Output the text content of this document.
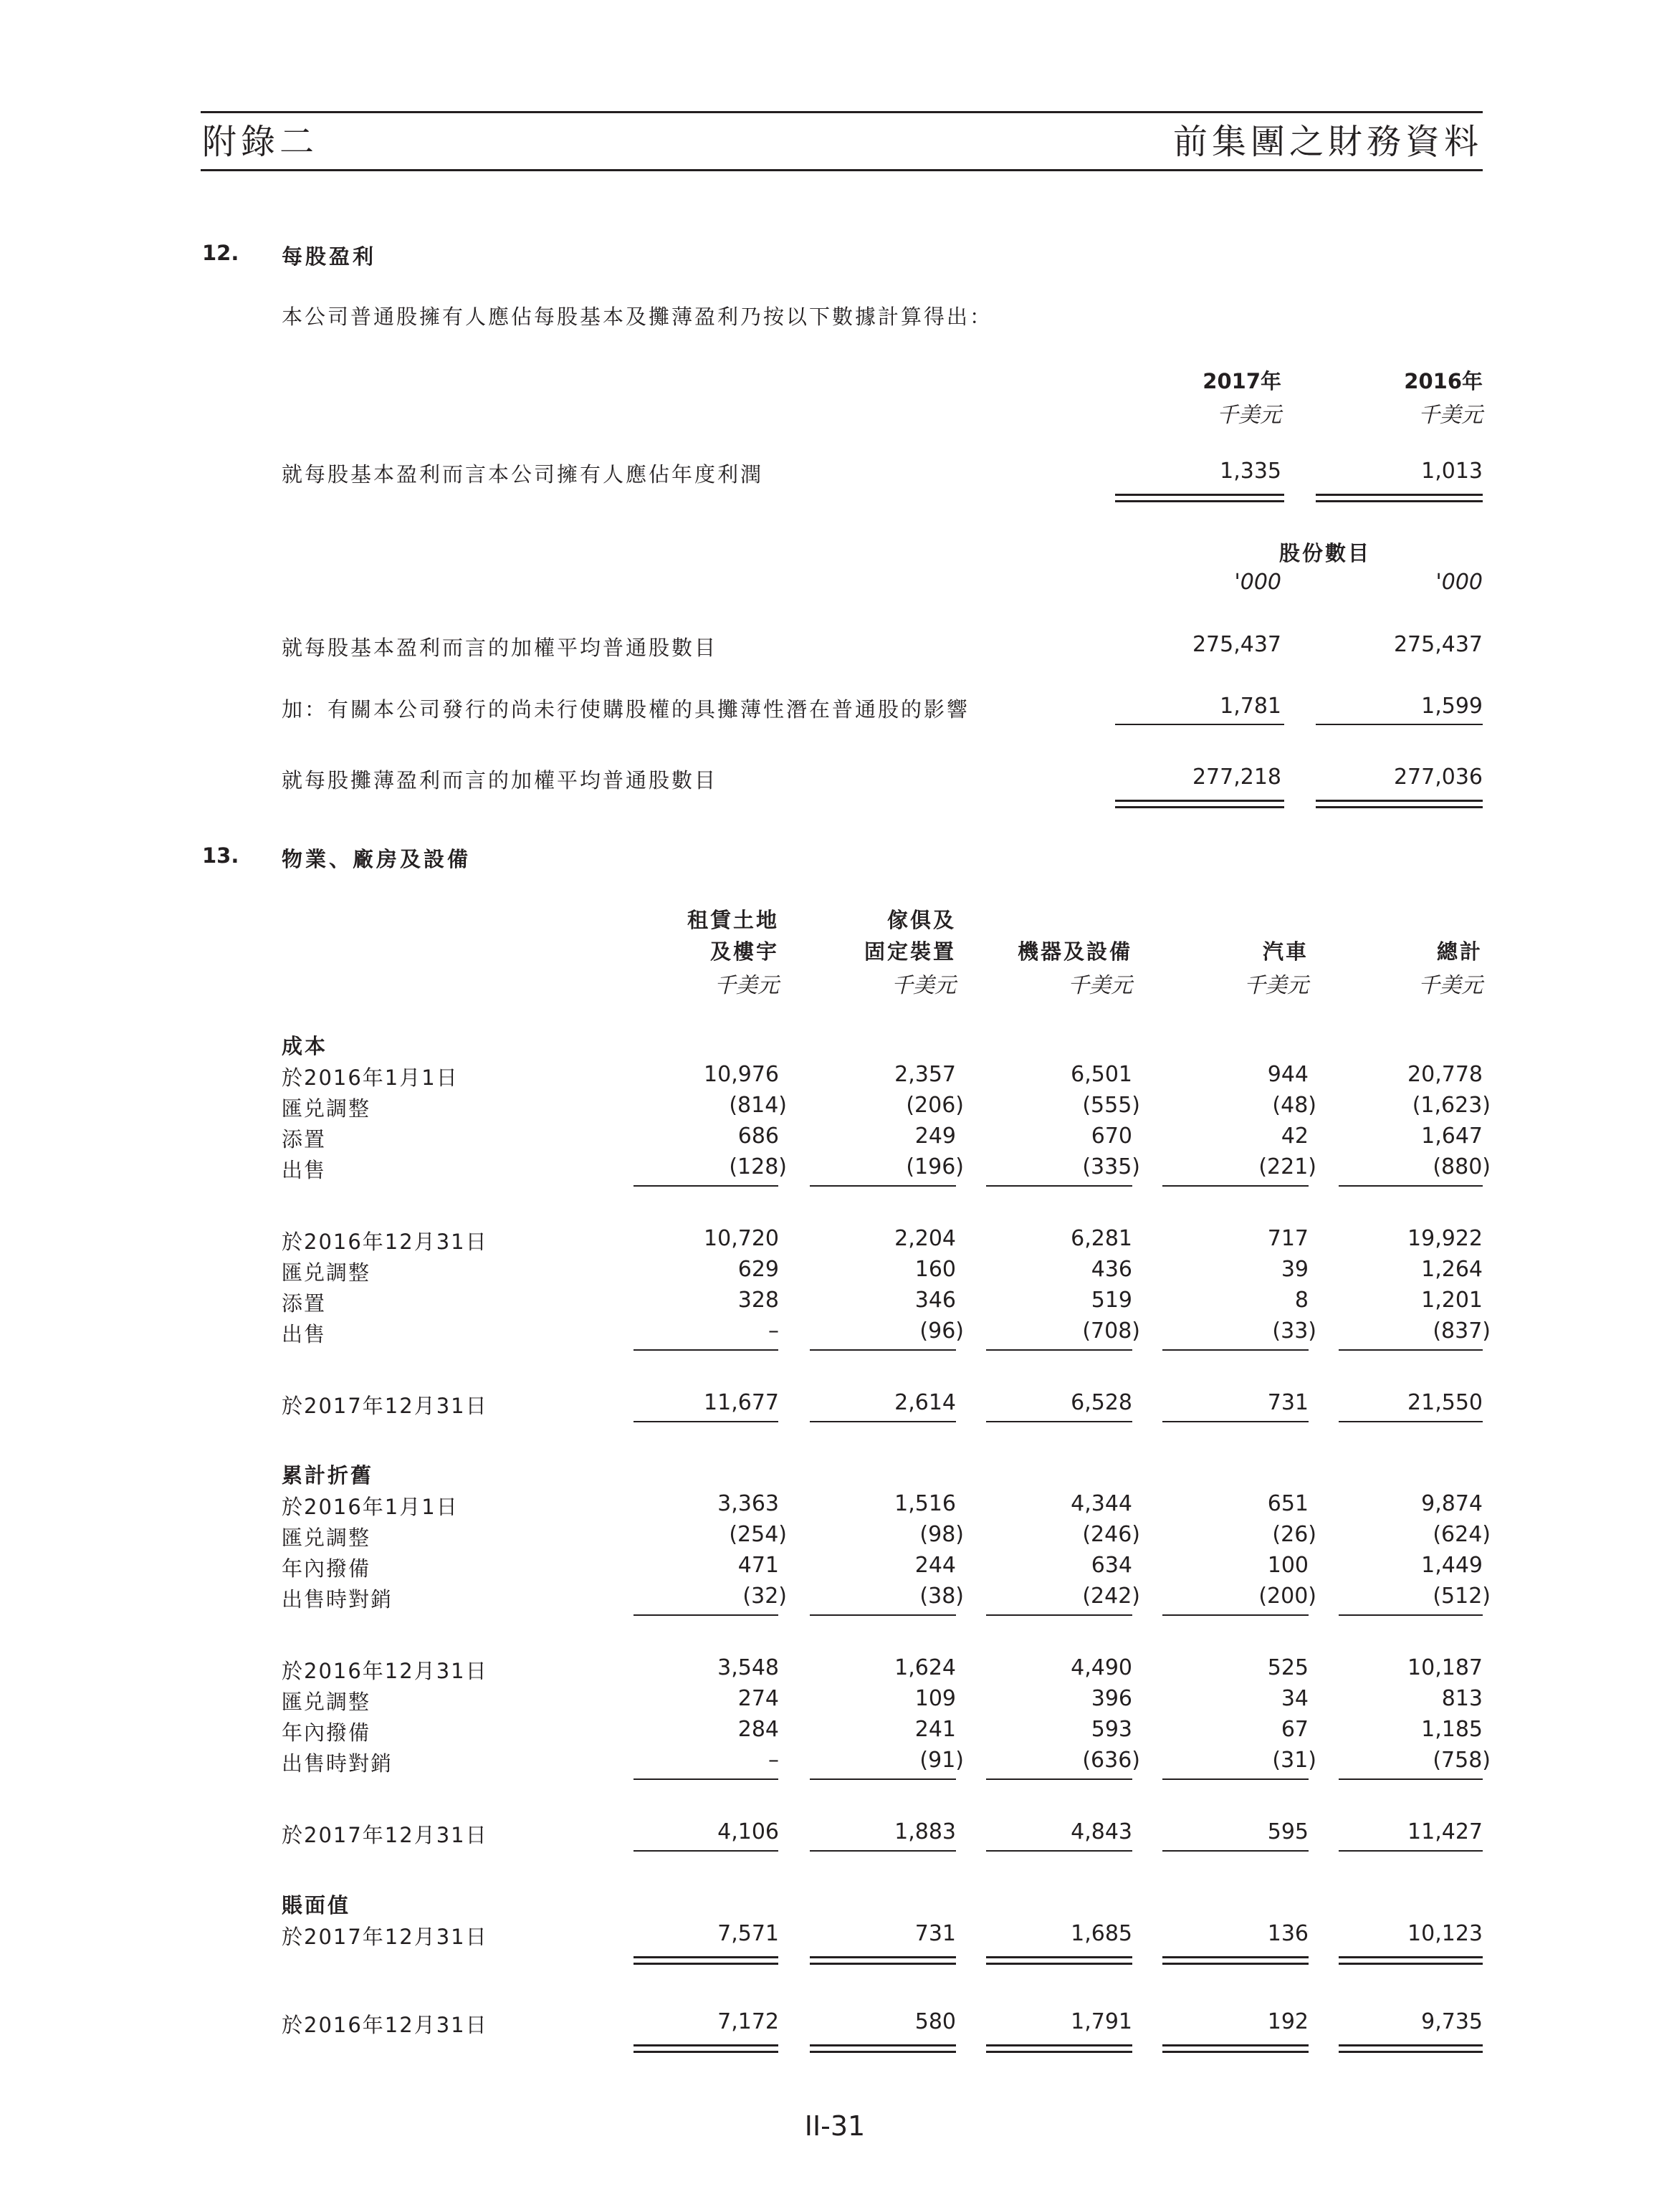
附錄二	前集團之財務資料
12. 每股盈利
本公司普通股擁有人應佔每股基本及攤薄盈利乃按以下數據計算得出：
2017年	2016年
千美元	千美元
就每股基本盈利而言本公司擁有人應佔年度利潤	1,335	1,013
股份數目
'000	'000
就每股基本盈利而言的加權平均普通股數目	275,437	275,437
加：有關本公司發行的尚未行使購股權的具攤薄性潛在普通股的影響	1,781	1,599
就每股攤薄盈利而言的加權平均普通股數目	277,218	277,036
13. 物業、廠房及設備
租賃土地
及樓宇
傢俱及
固定裝置	機器及設備	汽車	總計
千美元	千美元	千美元	千美元	千美元
成本
於2016年1月1日	10,976	2,357	6,501	944	20,778
匯兑調整	(814)	(206)	(555)	(48)	(1,623)
添置	686	249	670	42	1,647
出售	(128)	(196)	(335)	(221)	(880)
於2016年12月31日	10,720	2,204	6,281	717	19,922
匯兑調整	629	160	436	39	1,264
添置	328	346	519	8	1,201
出售	–	(96)	(708)	(33)	(837)
於2017年12月31日	11,677	2,614	6,528	731	21,550
累計折舊
於2016年1月1日	3,363	1,516	4,344	651	9,874
匯兑調整	(254)	(98)	(246)	(26)	(624)
年內撥備	471	244	634	100	1,449
出售時對銷	(32)	(38)	(242)	(200)	(512)
於2016年12月31日	3,548	1,624	4,490	525	10,187
匯兑調整	274	109	396	34	813
年內撥備	284	241	593	67	1,185
出售時對銷	–	(91)	(636)	(31)	(758)
於2017年12月31日	4,106	1,883	4,843	595	11,427
賬面值
於2017年12月31日	7,571	731	1,685	136	10,123
於2016年12月31日	7,172	580	1,791	192	9,735
II-31
